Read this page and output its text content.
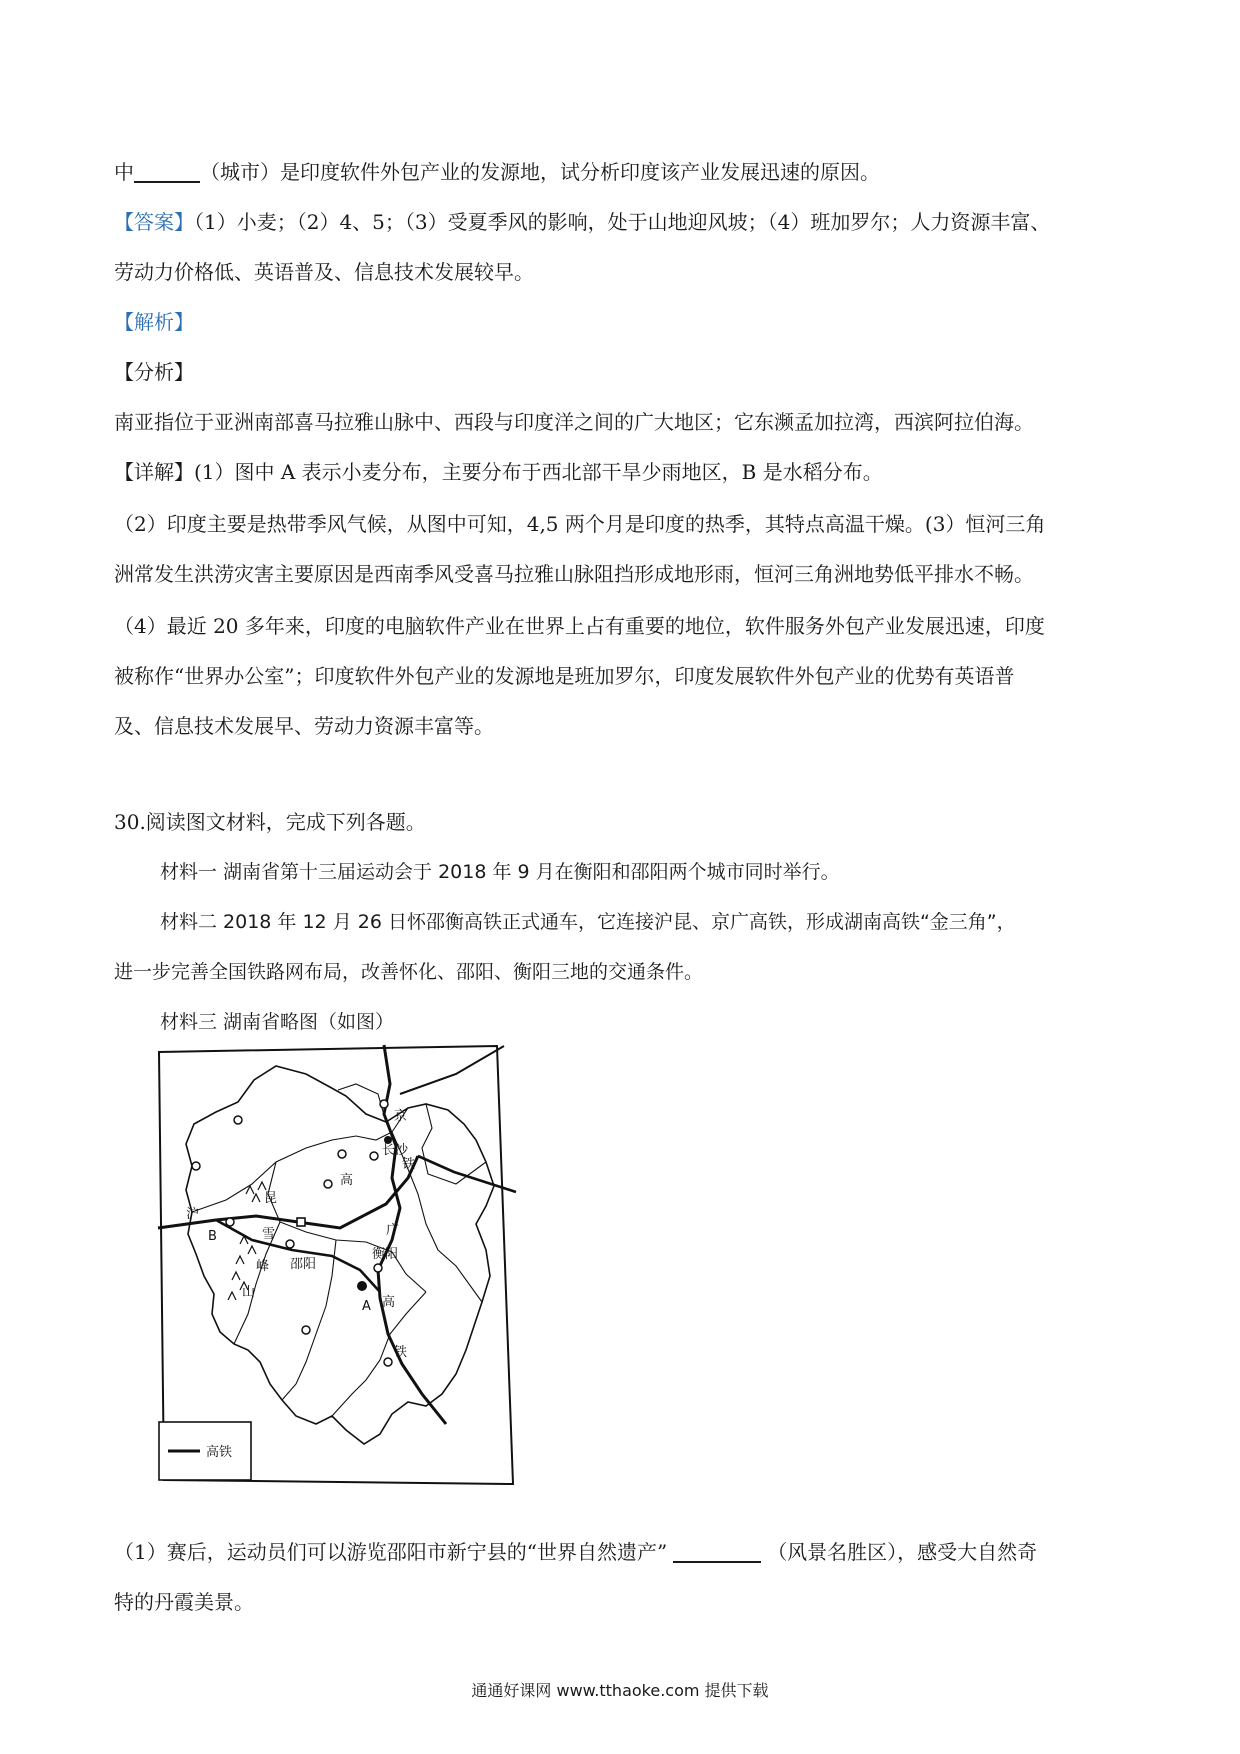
中	（城市）是印度软件外包产业的发源地，试分析印度该产业发展迅速的原因。
【答案】（1）小麦；（2）4、5；（3）受夏季风的影响，处于山地迎风坡；（4）班加罗尔；人力资源丰富、
劳动力价格低、英语普及、信息技术发展较早。
【解析】
【分析】
南亚指位于亚洲南部喜马拉雅山脉中、西段与印度洋之间的广大地区；它东濒孟加拉湾，西滨阿拉伯海。
【详解】(1）图中 A 表示小麦分布，主要分布于西北部干旱少雨地区，B 是水稻分布。
（2）印度主要是热带季风气候，从图中可知，4,5 两个月是印度的热季，其特点高温干燥。(3）恒河三角
洲常发生洪涝灾害主要原因是西南季风受喜马拉雅山脉阻挡形成地形雨，恒河三角洲地势低平排水不畅。
（4）最近 20 多年来，印度的电脑软件产业在世界上占有重要的地位，软件服务外包产业发展迅速，印度
被称作“世界办公室”；印度软件外包产业的发源地是班加罗尔，印度发展软件外包产业的优势有英语普
及、信息技术发展早、劳动力资源丰富等。
30.阅读图文材料，完成下列各题。
材料一 湖南省第十三届运动会于 2018 年 9 月在衡阳和邵阳两个城市同时举行。
材料二 2018 年 12 月 26 日怀邵衡高铁正式通车，它连接沪昆、京广高铁，形成湖南高铁“金三角”，
进一步完善全国铁路网布局，改善怀化、邵阳、衡阳三地的交通条件。
材料三 湖南省略图（如图）
京
长沙
高
铁
沪
昆
B	雪
峰
山
邵阳
广
衡阳
A 高
铁
高铁
（1）赛后，运动员们可以游览邵阳市新宁县的“世界自然遗产”	（风景名胜区），感受大自然奇
特的丹霞美景。
通通好课网 www.tthaoke.com 提供下载
